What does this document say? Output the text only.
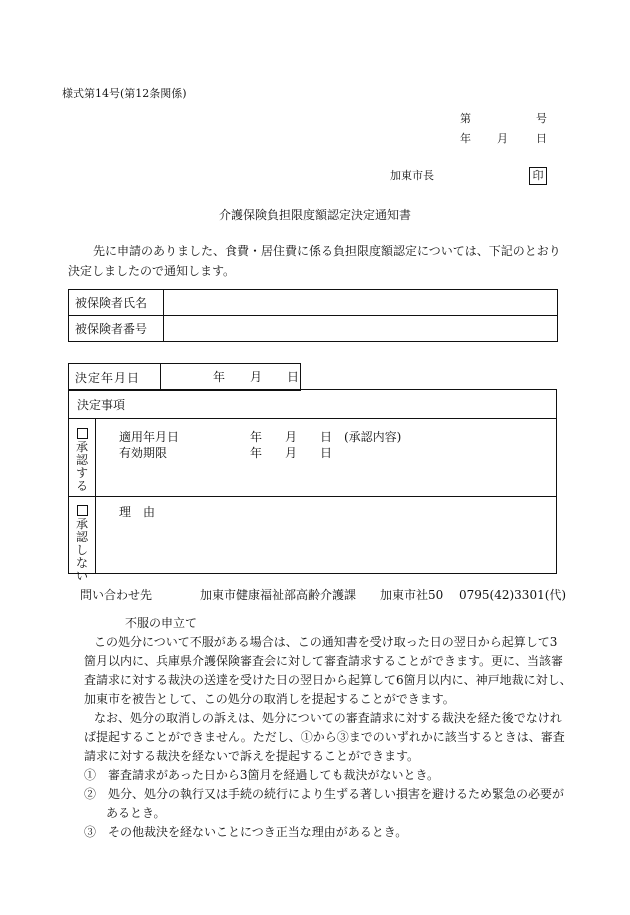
様式第14号(第12条関係)
第	号
年 月	日
加東市長	印
介護保険負担限度額認定決定通知書
先に申請のありました、食費・居住費に係る負担限度額認定については、下記のとおり
決定しましたので通知します。
被保険者氏名	
被保険者番号	
決定年月日	年 月 日
決定事項
承認する
適用年月日	年 月 日 (承認内容)
有効期限	年 月 日
承認しない
理　由
問い合わせ先	加東市健康福祉部高齢介護課 加東市社50 0795(42)3301(代)
不服の申立て
この処分について不服がある場合は、この通知書を受け取った日の翌日から起算して3
箇月以内に、兵庫県介護保険審査会に対して審査請求することができます。更に、当該審
査請求に対する裁決の送達を受けた日の翌日から起算して6箇月以内に、神戸地裁に対し、
加東市を被告として、この処分の取消しを提起することができます。
なお、処分の取消しの訴えは、処分についての審査請求に対する裁決を経た後でなけれ
ば提起することができません。ただし、①から③までのいずれかに該当するときは、審査
請求に対する裁決を経ないで訴えを提起することができます。
①　審査請求があった日から3箇月を経過しても裁決がないとき。
②　処分、処分の執行又は手続の続行により生ずる著しい損害を避けるため緊急の必要が
あるとき。
③　その他裁決を経ないことにつき正当な理由があるとき。
